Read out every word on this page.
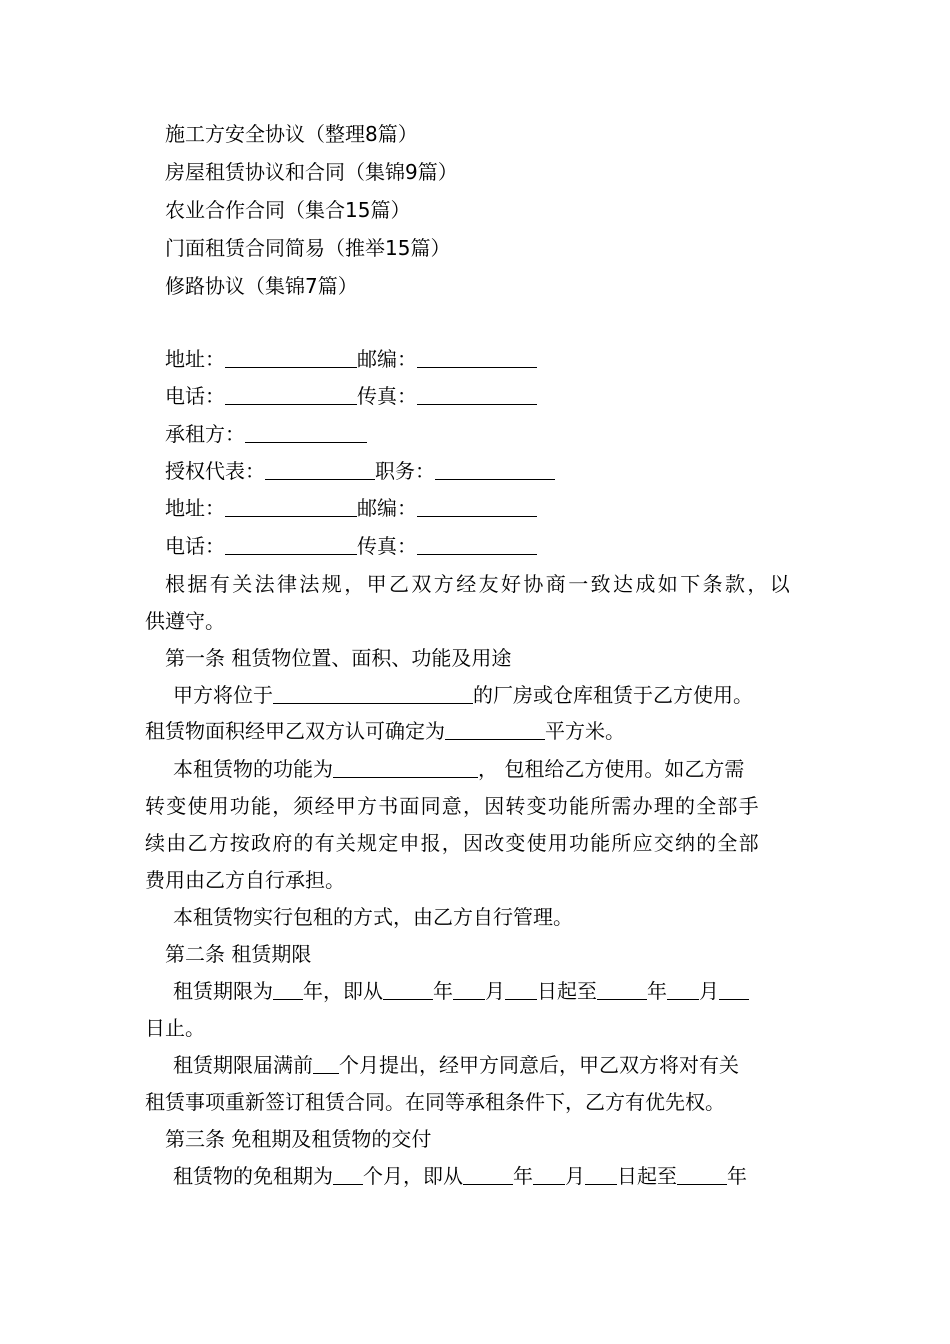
施工方安全协议（整理8篇）
房屋租赁协议和合同（集锦9篇）
农业合作合同（集合15篇）
门面租赁合同简易（推举15篇）
修路协议（集锦7篇）
地址：	邮编：
电话：	传真：
承租方：
授权代表：	职务：
地址：	邮编：
电话：	传真：
根据有关法律法规，甲乙双方经友好协商一致达成如下条款，以
供遵守。
第一条 租赁物位置、面积、功能及用途
甲方将位于	的厂房或仓库租赁于乙方使用。
租赁物面积经甲乙双方认可确定为	平方米。
本租赁物的功能为	， 包租给乙方使用。如乙方需
转变使用功能，须经甲方书面同意，因转变功能所需办理的全部手
续由乙方按政府的有关规定申报，因改变使用功能所应交纳的全部
费用由乙方自行承担。
本租赁物实行包租的方式，由乙方自行管理。
第二条 租赁期限
租赁期限为 年，即从	年 月 日起至	年 月
日止。
租赁期限届满前 个月提出，经甲方同意后，甲乙双方将对有关
租赁事项重新签订租赁合同。在同等承租条件下，乙方有优先权。
第三条 免租期及租赁物的交付
租赁物的免租期为 个月，即从	年 月 日起至	年
